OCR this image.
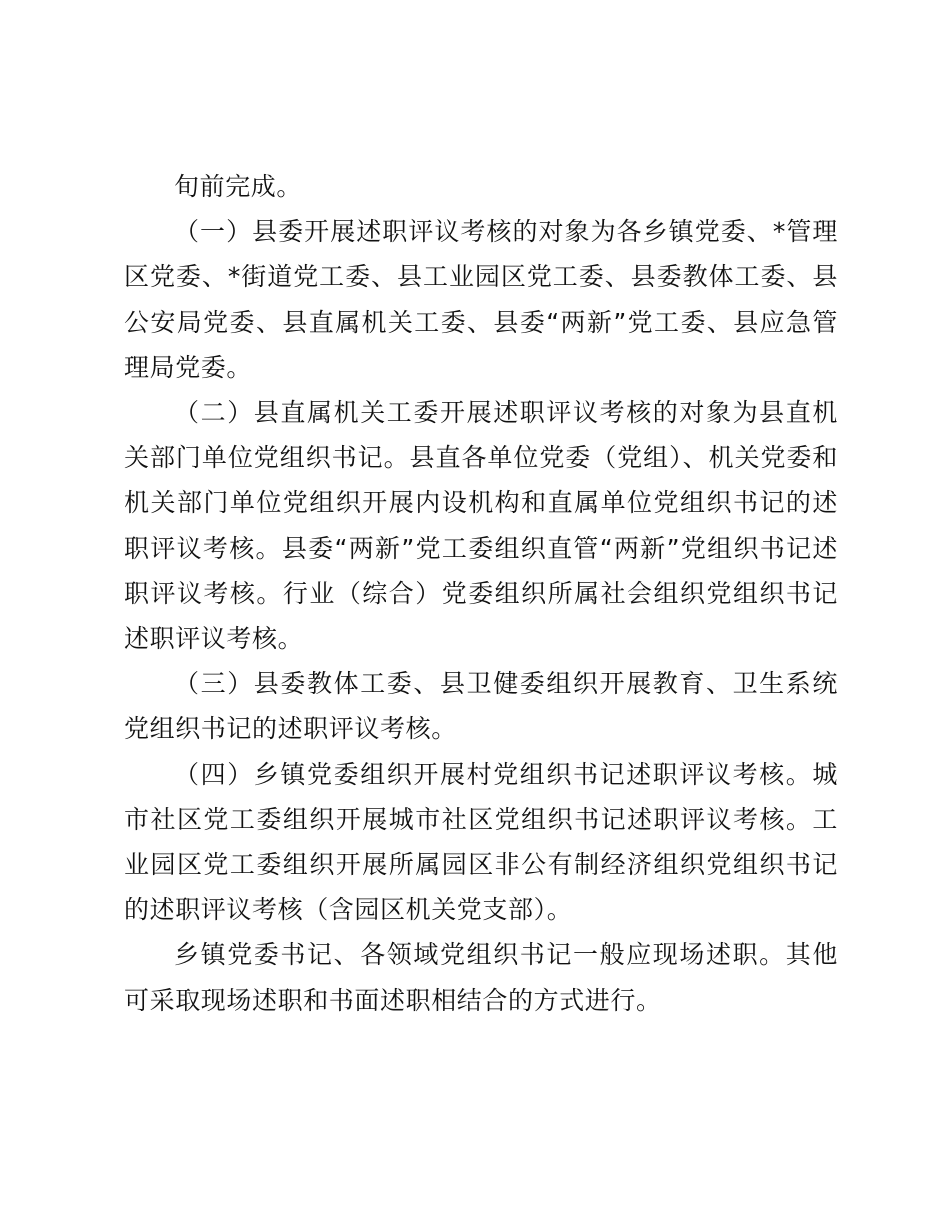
旬前完成。

（一）县委开展述职评议考核的对象为各乡镇党委、*管理区党委、*街道党工委、县工业园区党工委、县委教体工委、县公安局党委、县直属机关工委、县委“两新”党工委、县应急管理局党委。

（二）县直属机关工委开展述职评议考核的对象为县直机关部门单位党组织书记。县直各单位党委（党组）、机关党委和机关部门单位党组织开展内设机构和直属单位党组织书记的述职评议考核。县委“两新”党工委组织直管“两新”党组织书记述职评议考核。行业（综合）党委组织所属社会组织党组织书记述职评议考核。

（三）县委教体工委、县卫健委组织开展教育、卫生系统党组织书记的述职评议考核。

（四）乡镇党委组织开展村党组织书记述职评议考核。城市社区党工委组织开展城市社区党组织书记述职评议考核。工业园区党工委组织开展所属园区非公有制经济组织党组织书记的述职评议考核（含园区机关党支部）。

乡镇党委书记、各领域党组织书记一般应现场述职。其他可采取现场述职和书面述职相结合的方式进行。
